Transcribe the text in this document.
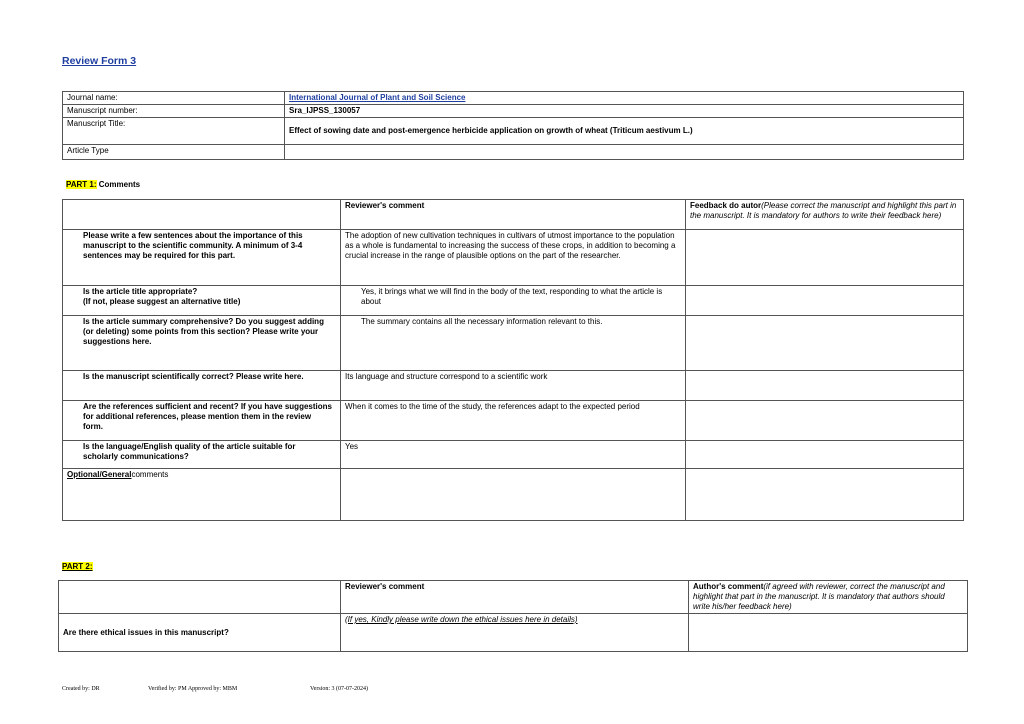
Review Form 3
Journal name:	International Journal of Plant and Soil Science
Manuscript number:	Sra_IJPSS_130057
Manuscript Title:	Effect of sowing date and post-emergence herbicide application on growth of wheat (Triticum aestivum L.)
Article Type	
PART 1: Comments
	Reviewer's comment	Feedback do autor(Please correct the manuscript and highlight this part in the manuscript. It is mandatory for authors to write their feedback here)
Please write a few sentences about the importance of this manuscript to the scientific community. A minimum of 3-4 sentences may be required for this part.	The adoption of new cultivation techniques in cultivars of utmost importance to the population as a whole is fundamental to increasing the success of these crops, in addition to becoming a crucial increase in the range of plausible options on the part of the researcher.	
Is the article title appropriate?
(If not, please suggest an alternative title)	Yes, it brings what we will find in the body of the text, responding to what the article is about	
Is the article summary comprehensive? Do you suggest adding (or deleting) some points from this section? Please write your suggestions here.	The summary contains all the necessary information relevant to this.	
Is the manuscript scientifically correct? Please write here.	Its language and structure correspond to a scientific work	
Are the references sufficient and recent? If you have suggestions for additional references, please mention them in the review form.	When it comes to the time of the study, the references adapt to the expected period	
Is the language/English quality of the article suitable for scholarly communications?	Yes	
Optional/Generalcomments		
PART 2:
	Reviewer's comment	Author's comment(if agreed with reviewer, correct the manuscript and highlight that part in the manuscript. It is mandatory that authors should write his/her feedback here)
Are there ethical issues in this manuscript?	(If yes, Kindly please write down the ethical issues here in details)	
Created by: DR	Verified by: PM Approved by: MBM	Version: 3 (07-07-2024)
